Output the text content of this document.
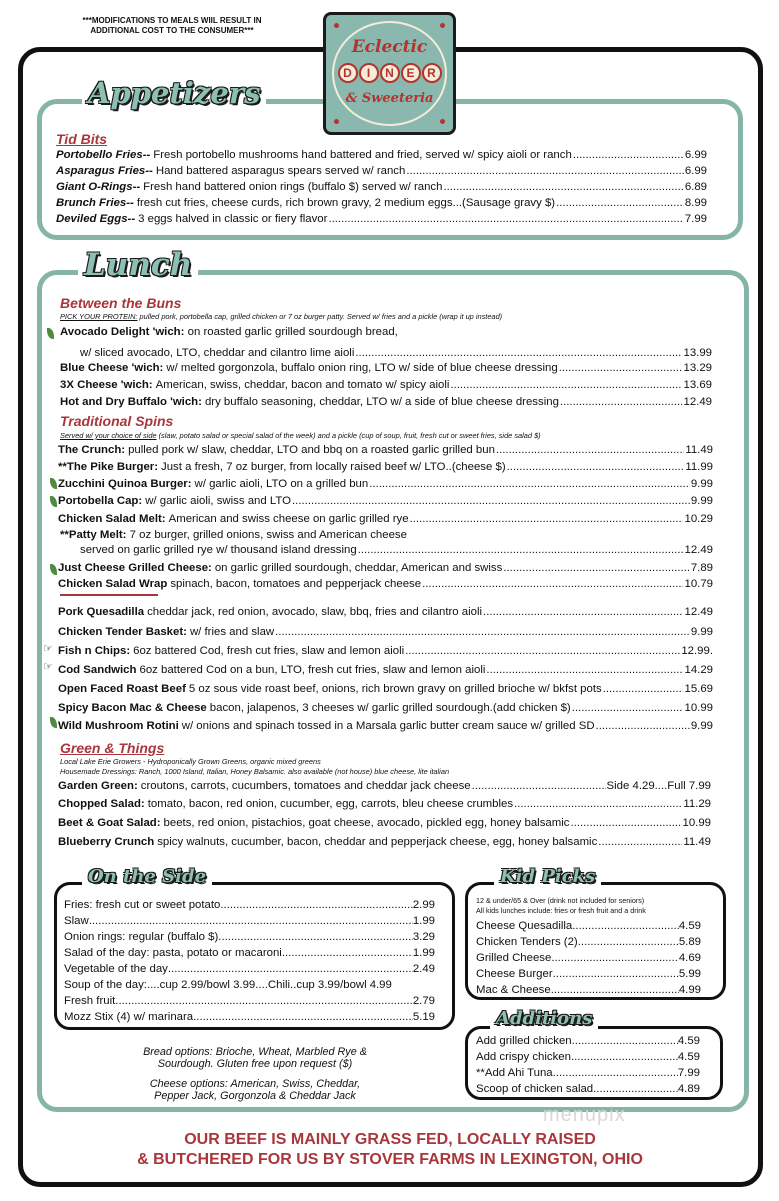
***MODIFICATIONS TO MEALS WIIL RESULT IN ADDITIONAL COST TO THE CONSUMER***
Eclectic
D	I	N	E	R
& Sweeteria
Appetizers
Tid Bits
Portobello Fries-- Fresh portobello mushrooms hand battered and fried, served w/ spicy aioli or ranch .....	6.99
Asparagus Fries-- Hand battered asparagus spears served w/ ranch .....	6.99
Giant O-Rings-- Fresh hand battered onion rings (buffalo $) served w/ ranch .....	6.89
Brunch Fries-- fresh cut fries, cheese curds, rich brown gravy, 2 medium eggs...(Sausage gravy $) .....	8.99
Deviled Eggs-- 3 eggs halved in classic or fiery flavor .....	7.99
Lunch
Between the Buns
PICK YOUR PROTEIN: pulled pork, portobella cap, grilled chicken or 7 oz burger patty. Served w/ fries and a pickle (wrap it up instead)
Avocado Delight 'wich: on roasted garlic grilled sourdough bread,
w/ sliced avocado, LTO, cheddar and cilantro lime aioli .....	13.99
Blue Cheese 'wich: w/ melted gorgonzola, buffalo onion ring, LTO w/ side of blue cheese dressing .....	13.29
3X Cheese 'wich: American, swiss, cheddar, bacon and tomato w/ spicy aioli .....	13.69
Hot and Dry Buffalo 'wich: dry buffalo seasoning, cheddar, LTO w/ a side of blue cheese dressing .....	12.49
Traditional Spins
Served w/ your choice of side (slaw, potato salad or special salad of the week) and a pickle (cup of soup, fruit, fresh cut or sweet fries, side salad $)
The Crunch: pulled pork w/ slaw, cheddar, LTO and bbq on a roasted garlic grilled bun .....	11.49
**The Pike Burger: Just a fresh, 7 oz burger, from locally raised beef w/ LTO..(cheese $) .....	11.99
Zucchini Quinoa Burger: w/ garlic aioli, LTO on a grilled bun .....	9.99
Portobella Cap: w/ garlic aioli, swiss and LTO .....	9.99
Chicken Salad Melt: American and swiss cheese on garlic grilled rye .....	10.29
**Patty Melt: 7 oz burger, grilled onions, swiss and American cheese
served on garlic grilled rye w/ thousand island dressing .....	12.49
Just Cheese Grilled Cheese: on garlic grilled sourdough, cheddar, American and swiss .....	7.89
Chicken Salad Wrap spinach, bacon, tomatoes and pepperjack cheese .....	10.79
Pork Quesadilla cheddar jack, red onion, avocado, slaw, bbq, fries and cilantro aioli .....	12.49
Chicken Tender Basket: w/ fries and slaw .....	9.99
Fish n Chips: 6oz battered Cod, fresh cut fries, slaw and lemon aioli .....	12.99.
Cod Sandwich 6oz battered Cod on a bun, LTO, fresh cut fries, slaw and lemon aioli .....	14.29
Open Faced Roast Beef 5 oz sous vide roast beef, onions, rich brown gravy on grilled brioche w/ bkfst pots .....	15.69
Spicy Bacon Mac & Cheese bacon, jalapenos, 3 cheeses w/ garlic grilled sourdough.(add chicken $) .....	10.99
Wild Mushroom Rotini w/ onions and spinach tossed in a Marsala garlic butter cream sauce w/ grilled SD .....	9.99
☞
☞
Green & Things
Local Lake Erie Growers - Hydroponically Grown Greens, organic mixed greens
Housemade Dressings: Ranch, 1000 Island, Italian, Honey Balsamic. also available (not house) blue cheese, lite italian
Garden Green: croutons, carrots, cucumbers, tomatoes and cheddar jack cheese .....	Side 4.29....Full 7.99
Chopped Salad: tomato, bacon, red onion, cucumber, egg, carrots, bleu cheese crumbles .....	11.29
Beet & Goat Salad: beets, red onion, pistachios, goat cheese, avocado, pickled egg, honey balsamic .....	10.99
Blueberry Crunch spicy walnuts, cucumber, bacon, cheddar and pepperjack cheese, egg, honey balsamic .....	11.49
On the Side
Fries: fresh cut or sweet potato .....	2.99
Slaw .....	1.99
Onion rings: regular (buffalo $) .....	3.29
Salad of the day: pasta, potato or macaroni .....	1.99
Vegetable of the day .....	2.49
Soup of the day:....cup 2.99/bowl 3.99....Chili..cup 3.99/bowl 4.99
Fresh fruit .....	2.79
Mozz Stix (4) w/ marinara .....	5.19
Bread options: Brioche, Wheat, Marbled Rye &
Sourdough. Gluten free upon request ($)
Cheese options: American, Swiss, Cheddar,
Pepper Jack, Gorgonzola & Cheddar Jack
Kid Picks
12 & under/65 & Over (drink not included for seniors)
All kids lunches include: fries or fresh fruit and a drink
Cheese Quesadilla .....	4.59
Chicken Tenders (2) .....	5.89
Grilled Cheese .....	4.69
Cheese Burger .....	5.99
Mac & Cheese .....	4.99
Additions
Add grilled chicken .....	4.59
Add crispy chicken .....	4.59
**Add Ahi Tuna .....	7.99
Scoop of chicken salad .....	4.89
menupix
OUR BEEF IS MAINLY GRASS FED, LOCALLY RAISED
& BUTCHERED FOR US BY STOVER FARMS IN LEXINGTON, OHIO
